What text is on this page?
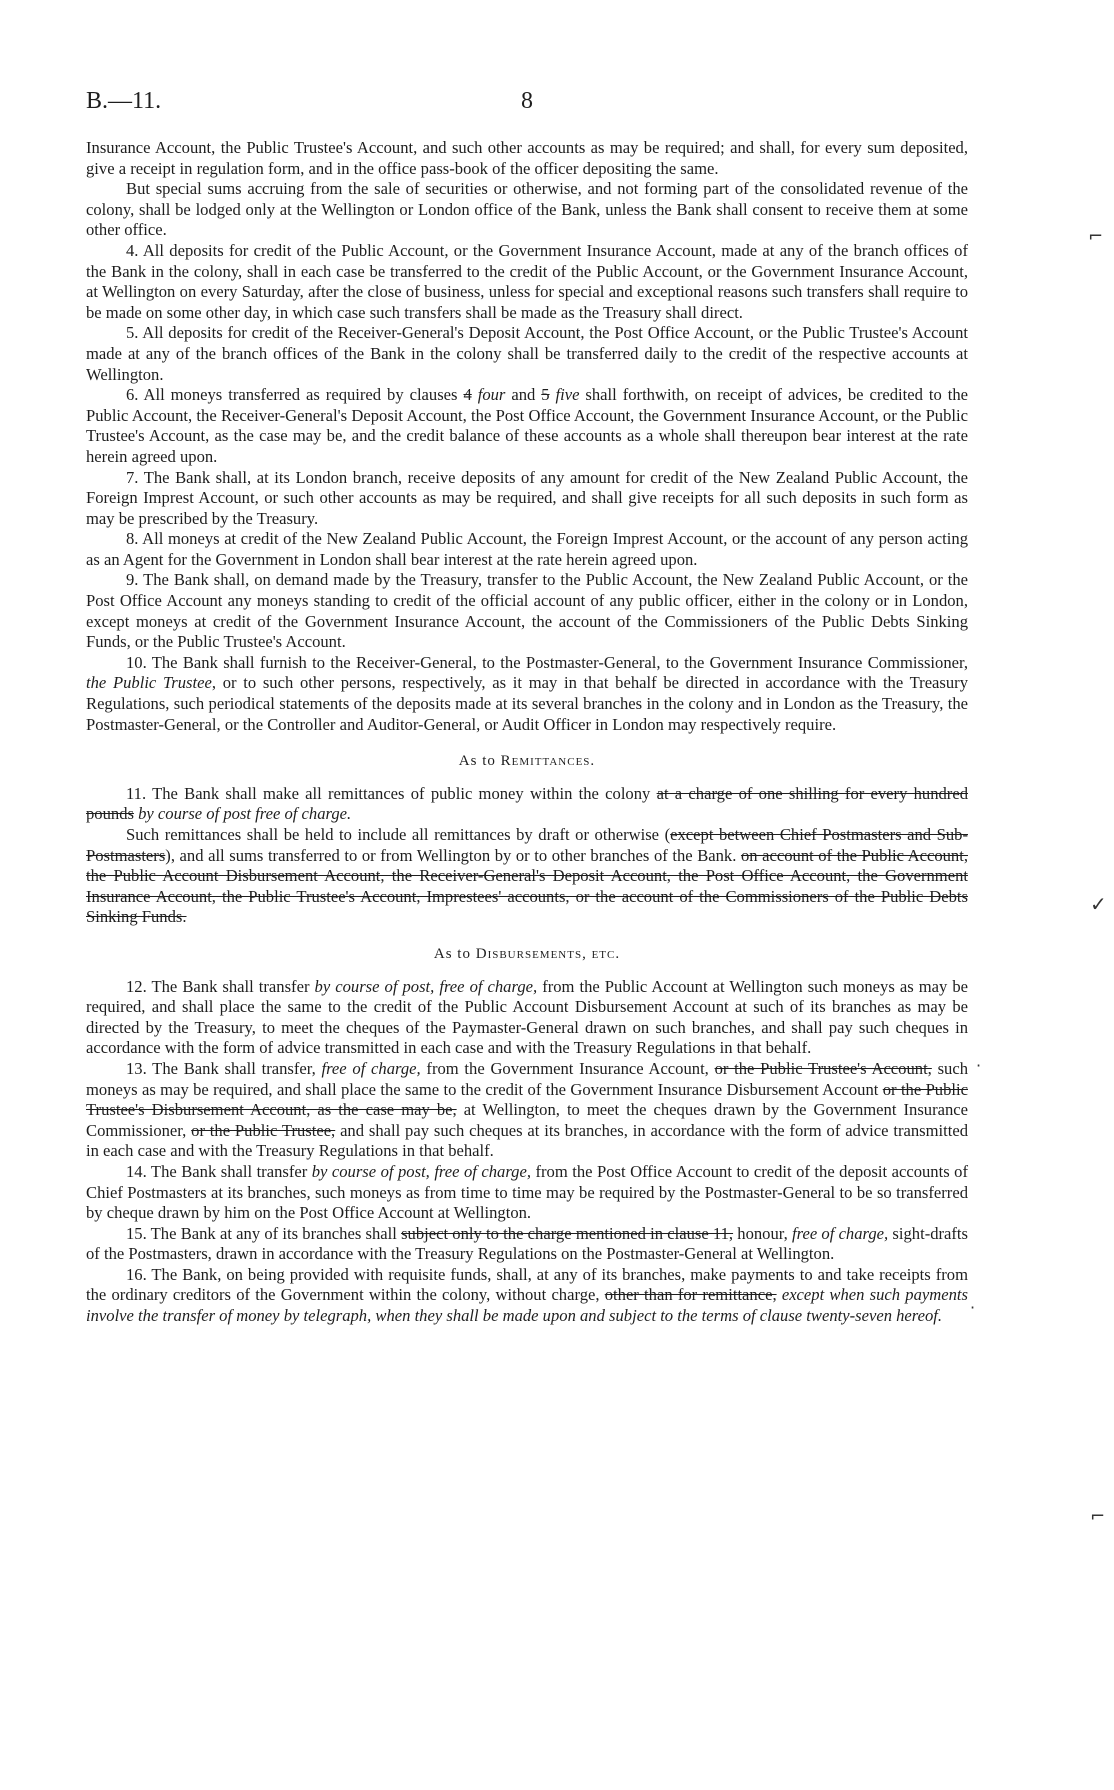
B.—11.	8

Insurance Account, the Public Trustee's Account, and such other accounts as may be required; and shall, for every sum deposited, give a receipt in regulation form, and in the office pass-book of the officer depositing the same.

But special sums accruing from the sale of securities or otherwise, and not forming part of the consolidated revenue of the colony, shall be lodged only at the Wellington or London office of the Bank, unless the Bank shall consent to receive them at some other office.

4. All deposits for credit of the Public Account, or the Government Insurance Account, made at any of the branch offices of the Bank in the colony, shall in each case be transferred to the credit of the Public Account, or the Government Insurance Account, at Wellington on every Saturday, after the close of business, unless for special and exceptional reasons such transfers shall require to be made on some other day, in which case such transfers shall be made as the Treasury shall direct.

5. All deposits for credit of the Receiver-General's Deposit Account, the Post Office Account, or the Public Trustee's Account made at any of the branch offices of the Bank in the colony shall be transferred daily to the credit of the respective accounts at Wellington.

6. All moneys transferred as required by clauses 4 four and 5 five shall forthwith, on receipt of advices, be credited to the Public Account, the Receiver-General's Deposit Account, the Post Office Account, the Government Insurance Account, or the Public Trustee's Account, as the case may be, and the credit balance of these accounts as a whole shall thereupon bear interest at the rate herein agreed upon.

7. The Bank shall, at its London branch, receive deposits of any amount for credit of the New Zealand Public Account, the Foreign Imprest Account, or such other accounts as may be required, and shall give receipts for all such deposits in such form as may be prescribed by the Treasury.

8. All moneys at credit of the New Zealand Public Account, the Foreign Imprest Account, or the account of any person acting as an Agent for the Government in London shall bear interest at the rate herein agreed upon.

9. The Bank shall, on demand made by the Treasury, transfer to the Public Account, the New Zealand Public Account, or the Post Office Account any moneys standing to credit of the official account of any public officer, either in the colony or in London, except moneys at credit of the Government Insurance Account, the account of the Commissioners of the Public Debts Sinking Funds, or the Public Trustee's Account.

10. The Bank shall furnish to the Receiver-General, to the Postmaster-General, to the Government Insurance Commissioner, the Public Trustee, or to such other persons, respectively, as it may in that behalf be directed in accordance with the Treasury Regulations, such periodical statements of the deposits made at its several branches in the colony and in London as the Treasury, the Postmaster-General, or the Controller and Auditor-General, or Audit Officer in London may respectively require.

As to Remittances.

11. The Bank shall make all remittances of public money within the colony at a charge of one shilling for every hundred pounds by course of post free of charge.

Such remittances shall be held to include all remittances by draft or otherwise (except between Chief Postmasters and Sub-Postmasters), and all sums transferred to or from Wellington by or to other branches of the Bank. on account of the Public Account, the Public Account Disbursement Account, the Receiver-General's Deposit Account, the Post Office Account, the Government Insurance Account, the Public Trustee's Account, Imprestees' accounts, or the account of the Commissioners of the Public Debts Sinking Funds.

As to Disbursements, etc.

12. The Bank shall transfer by course of post, free of charge, from the Public Account at Wellington such moneys as may be required, and shall place the same to the credit of the Public Account Disbursement Account at such of its branches as may be directed by the Treasury, to meet the cheques of the Paymaster-General drawn on such branches, and shall pay such cheques in accordance with the form of advice transmitted in each case and with the Treasury Regulations in that behalf.

13. The Bank shall transfer, free of charge, from the Government Insurance Account, or the Public Trustee's Account, such moneys as may be required, and shall place the same to the credit of the Government Insurance Disbursement Account or the Public Trustee's Disbursement Account, as the case may be, at Wellington, to meet the cheques drawn by the Government Insurance Commissioner, or the Public Trustee, and shall pay such cheques at its branches, in accordance with the form of advice transmitted in each case and with the Treasury Regulations in that behalf.

14. The Bank shall transfer by course of post, free of charge, from the Post Office Account to credit of the deposit accounts of Chief Postmasters at its branches, such moneys as from time to time may be required by the Postmaster-General to be so transferred by cheque drawn by him on the Post Office Account at Wellington.

15. The Bank at any of its branches shall subject only to the charge mentioned in clause 11, honour, free of charge, sight-drafts of the Postmasters, drawn in accordance with the Treasury Regulations on the Postmaster-General at Wellington.

16. The Bank, on being provided with requisite funds, shall, at any of its branches, make payments to and take receipts from the ordinary creditors of the Government within the colony, without charge, other than for remittance, except when such payments involve the transfer of money by telegraph, when they shall be made upon and subject to the terms of clause twenty-seven hereof.

⌐
✓
·
·
⌐
